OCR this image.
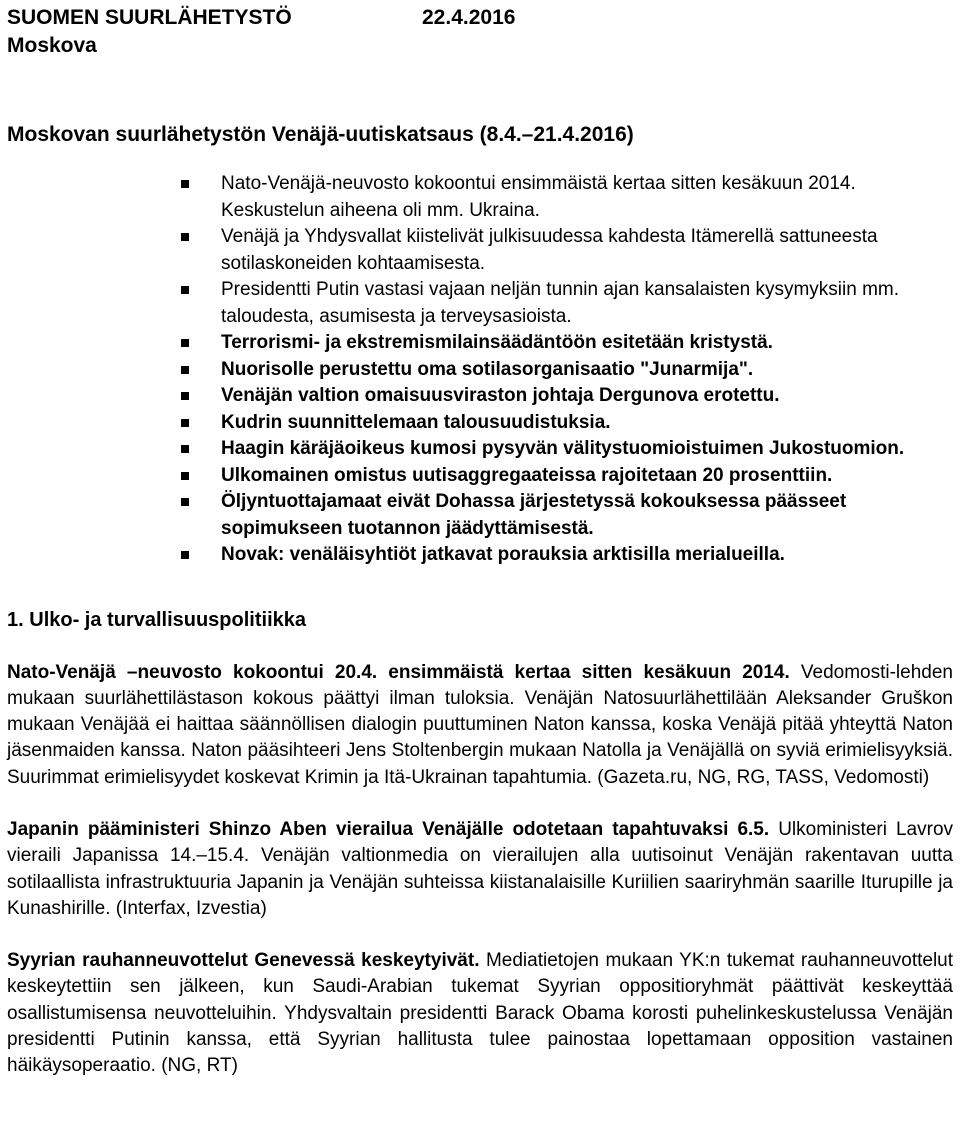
SUOMEN SUURLÄHETYSTÖ	22.4.2016
Moskova
Moskovan suurlähetystön Venäjä-uutiskatsaus (8.4.–21.4.2016)
Nato-Venäjä-neuvosto kokoontui ensimmäistä kertaa sitten kesäkuun 2014. Keskustelun aiheena oli mm. Ukraina.
Venäjä ja Yhdysvallat kiistelivät julkisuudessa kahdesta Itämerellä sattuneesta sotilaskoneiden kohtaamisesta.
Presidentti Putin vastasi vajaan neljän tunnin ajan kansalaisten kysymyksiin mm. taloudesta, asumisesta ja terveysasioista.
Terrorismi- ja ekstremismilainsäädäntöön esitetään kristystä.
Nuorisolle perustettu oma sotilasorganisaatio "Junarmija".
Venäjän valtion omaisuusviraston johtaja Dergunova erotettu.
Kudrin suunnittelemaan talousuudistuksia.
Haagin käräjäoikeus kumosi pysyvän välitystuomioistuimen Jukostuomion.
Ulkomainen omistus uutisaggregaateissa rajoitetaan 20 prosenttiin.
Öljyntuottajamaat eivät Dohassa järjestetyssä kokouksessa päässeet sopimukseen tuotannon jäädyttämisestä.
Novak: venäläisyhtiöt jatkavat porauksia arktisilla merialueilla.
1. Ulko- ja turvallisuuspolitiikka

Nato-Venäjä –neuvosto kokoontui 20.4. ensimmäistä kertaa sitten kesäkuun 2014. Vedomosti-lehden mukaan suurlähettilästason kokous päättyi ilman tuloksia. Venäjän Natosuurlähettilään Aleksander Gruškon mukaan Venäjää ei haittaa säännöllisen dialogin puuttuminen Naton kanssa, koska Venäjä pitää yhteyttä Naton jäsenmaiden kanssa. Naton pääsihteeri Jens Stoltenbergin mukaan Natolla ja Venäjällä on syviä erimielisyyksiä. Suurimmat erimielisyydet koskevat Krimin ja Itä-Ukrainan tapahtumia. (Gazeta.ru, NG, RG, TASS, Vedomosti)

Japanin pääministeri Shinzo Aben vierailua Venäjälle odotetaan tapahtuvaksi 6.5. Ulkoministeri Lavrov vieraili Japanissa 14.–15.4. Venäjän valtionmedia on vierailujen alla uutisoinut Venäjän rakentavan uutta sotilaallista infrastruktuuria Japanin ja Venäjän suhteissa kiistanalaisille Kuriilien saariryhmän saarille Iturupille ja Kunashirille. (Interfax, Izvestia)

Syyrian rauhanneuvottelut Genevessä keskeytyivät. Mediatietojen mukaan YK:n tukemat rauhanneuvottelut keskeytettiin sen jälkeen, kun Saudi-Arabian tukemat Syyrian oppositioryhmät päättivät keskeyttää osallistumisensa neuvotteluihin. Yhdysvaltain presidentti Barack Obama korosti puhelinkeskustelussa Venäjän presidentti Putinin kanssa, että Syyrian hallitusta tulee painostaa lopettamaan opposition vastainen häikäysoperaatio. (NG, RT)
